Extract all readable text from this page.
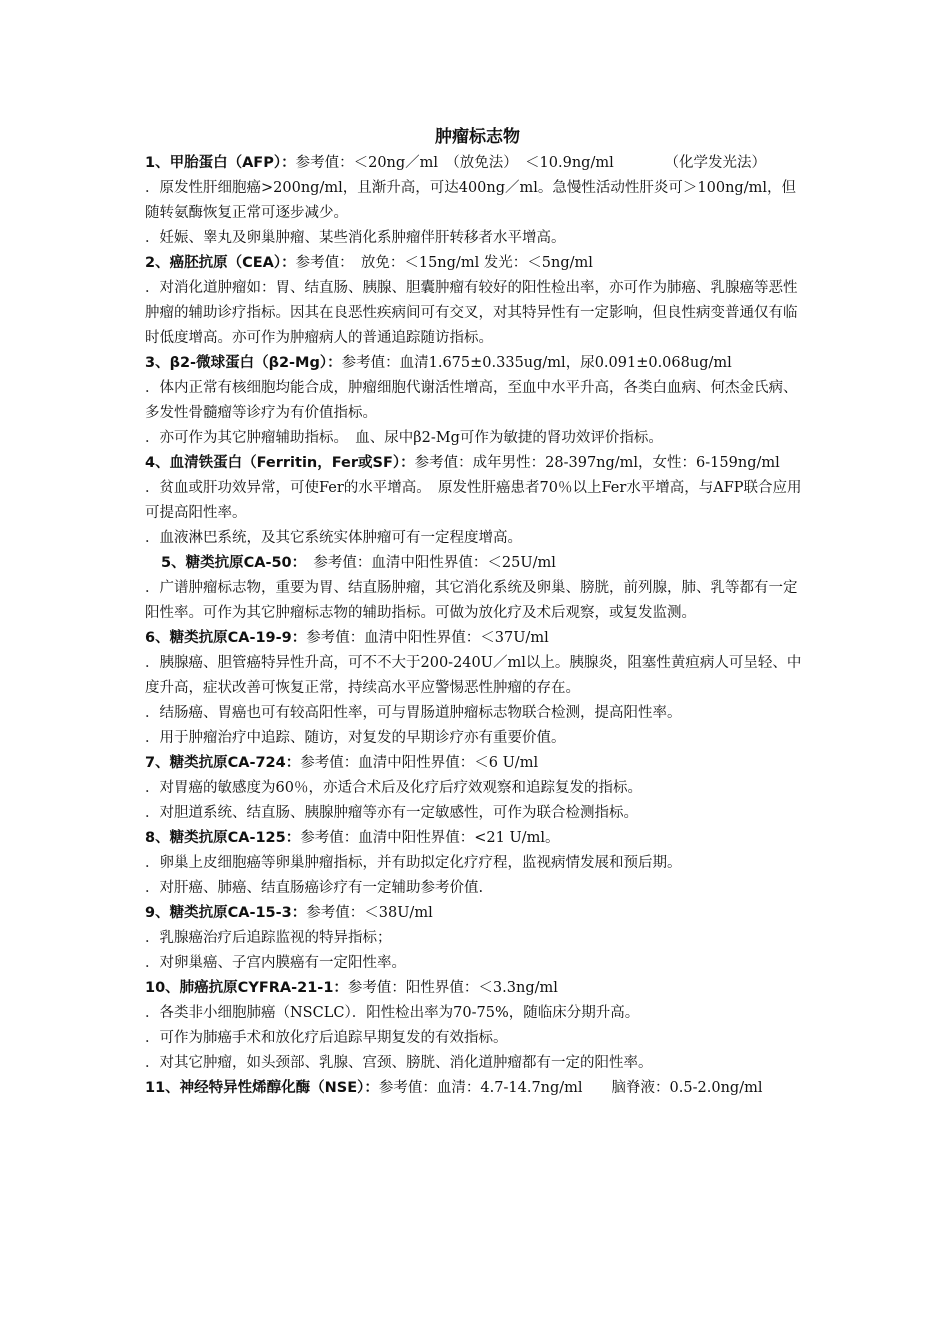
肿瘤标志物

1、甲胎蛋白（AFP）：参考值：＜20ng／ml　（放免法）　＜10.9ng/ml　　　　（化学发光法）

．原发性肝细胞癌>200ng/ml，且渐升高，可达400ng／ml。急慢性活动性肝炎可＞100ng/ml，但随转氨酶恢复正常可逐步减少。

．妊娠、睾丸及卵巢肿瘤、某些消化系肿瘤伴肝转移者水平增高。

2、癌胚抗原（CEA）：参考值：　放免：＜15ng/ml 发光：＜5ng/ml

．对消化道肿瘤如：胃、结直肠、胰腺、胆囊肿瘤有较好的阳性检出率，亦可作为肺癌、乳腺癌等恶性肿瘤的辅助诊疗指标。因其在良恶性疾病间可有交叉，对其特异性有一定影响，但良性病变普通仅有临时低度增高。亦可作为肿瘤病人的普通追踪随访指标。

3、β2-微球蛋白（β2-Mg）：参考值：血清1.675±0.335ug/ml，尿0.091±0.068ug/ml

．体内正常有核细胞均能合成，肿瘤细胞代谢活性增高，至血中水平升高，各类白血病、何杰金氏病、多发性骨髓瘤等诊疗为有价值指标。

．亦可作为其它肿瘤辅助指标。　血、尿中β2-Mg可作为敏捷的肾功效评价指标。

4、血清铁蛋白（Ferritin，Fer或SF）：参考值：成年男性：28-397ng/ml，女性：6-159ng/ml

．贫血或肝功效异常，可使Fer的水平增高。　原发性肝癌患者70％以上Fer水平增高，与AFP联合应用可提高阳性率。

．血液淋巴系统，及其它系统实体肿瘤可有一定程度增高。

5、糖类抗原CA-50：　参考值：血清中阳性界值：＜25U/ml

．广谱肿瘤标志物，重要为胃、结直肠肿瘤，其它消化系统及卵巢、膀胱，前列腺，肺、乳等都有一定阳性率。可作为其它肿瘤标志物的辅助指标。可做为放化疗及术后观察，或复发监测。

6、糖类抗原CA-19-9：参考值：血清中阳性界值：＜37U/ml

．胰腺癌、胆管癌特异性升高，可不不大于200-240U／ml以上。胰腺炎，阻塞性黄疸病人可呈轻、中度升高，症状改善可恢复正常，持续高水平应警惕恶性肿瘤的存在。

．结肠癌、胃癌也可有较高阳性率，可与胃肠道肿瘤标志物联合检测，提高阳性率。

．用于肿瘤治疗中追踪、随访，对复发的早期诊疗亦有重要价值。

7、糖类抗原CA-724：参考值：血清中阳性界值：＜6 U/ml

．对胃癌的敏感度为60％，亦适合术后及化疗后疗效观察和追踪复发的指标。

．对胆道系统、结直肠、胰腺肿瘤等亦有一定敏感性，可作为联合检测指标。

8、糖类抗原CA-125：参考值：血清中阳性界值：<21 U/ml。

．卵巢上皮细胞癌等卵巢肿瘤指标，并有助拟定化疗疗程，监视病情发展和预后期。

．对肝癌、肺癌、结直肠癌诊疗有一定辅助参考价值.

9、糖类抗原CA-15-3：参考值：＜38U/ml

．乳腺癌治疗后追踪监视的特异指标；

．对卵巢癌、子宫内膜癌有一定阳性率。

10、肺癌抗原CYFRA-21-1：参考值：阳性界值：＜3.3ng/ml

．各类非小细胞肺癌（NSCLC）．阳性检出率为70-75%，随临床分期升高。

．可作为肺癌手术和放化疗后追踪早期复发的有效指标。

．对其它肿瘤，如头颈部、乳腺、宫颈、膀胱、消化道肿瘤都有一定的阳性率。

11、神经特异性烯醇化酶（NSE）：参考值：血清：4.7-14.7ng/ml　　脑脊液：0.5-2.0ng/ml
